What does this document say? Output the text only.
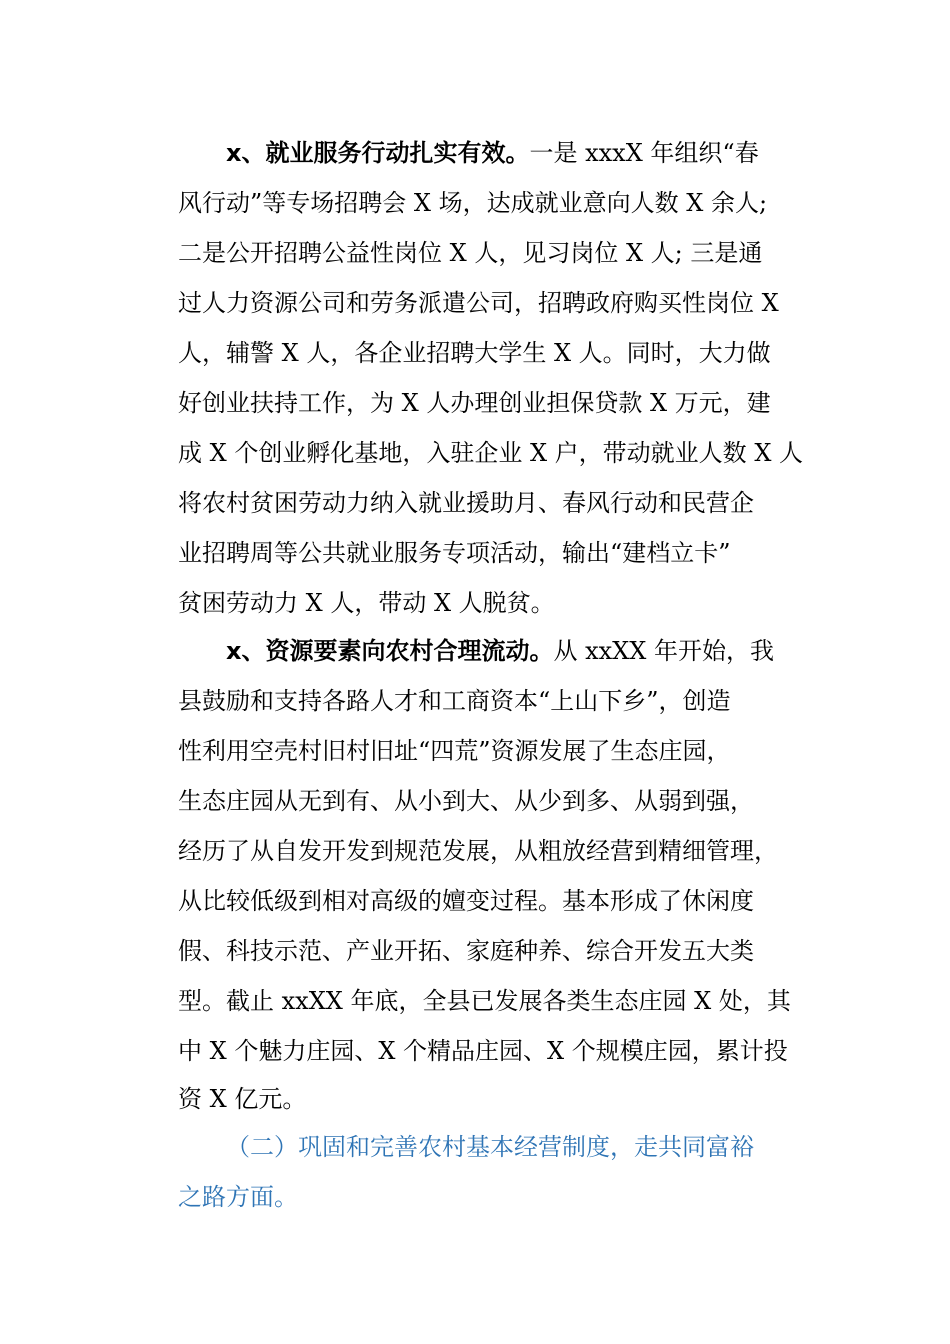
x、就业服务行动扎实有效。一是 xxxX 年组织“春
风行动”等专场招聘会 X 场，达成就业意向人数 X 余人;
二是公开招聘公益性岗位 X 人，见习岗位 X 人; 三是通
过人力资源公司和劳务派遣公司，招聘政府购买性岗位 X
人，辅警 X 人，各企业招聘大学生 X 人。同时，大力做
好创业扶持工作，为 X 人办理创业担保贷款 X 万元，建
成 X 个创业孵化基地，入驻企业 X 户，带动就业人数 X 人
将农村贫困劳动力纳入就业援助月、春风行动和民营企
业招聘周等公共就业服务专项活动，输出“建档立卡”
贫困劳动力 X 人，带动 X 人脱贫。
x、资源要素向农村合理流动。从 xxXX 年开始，我
县鼓励和支持各路人才和工商资本“上山下乡”，创造
性利用空壳村旧村旧址“四荒”资源发展了生态庄园，
生态庄园从无到有、从小到大、从少到多、从弱到强，
经历了从自发开发到规范发展，从粗放经营到精细管理，
从比较低级到相对高级的嬗变过程。基本形成了休闲度
假、科技示范、产业开拓、家庭种养、综合开发五大类
型。截止 xxXX 年底，全县已发展各类生态庄园 X 处，其
中 X 个魅力庄园、X 个精品庄园、X 个规模庄园，累计投
资 X 亿元。
（二）巩固和完善农村基本经营制度，走共同富裕
之路方面。
